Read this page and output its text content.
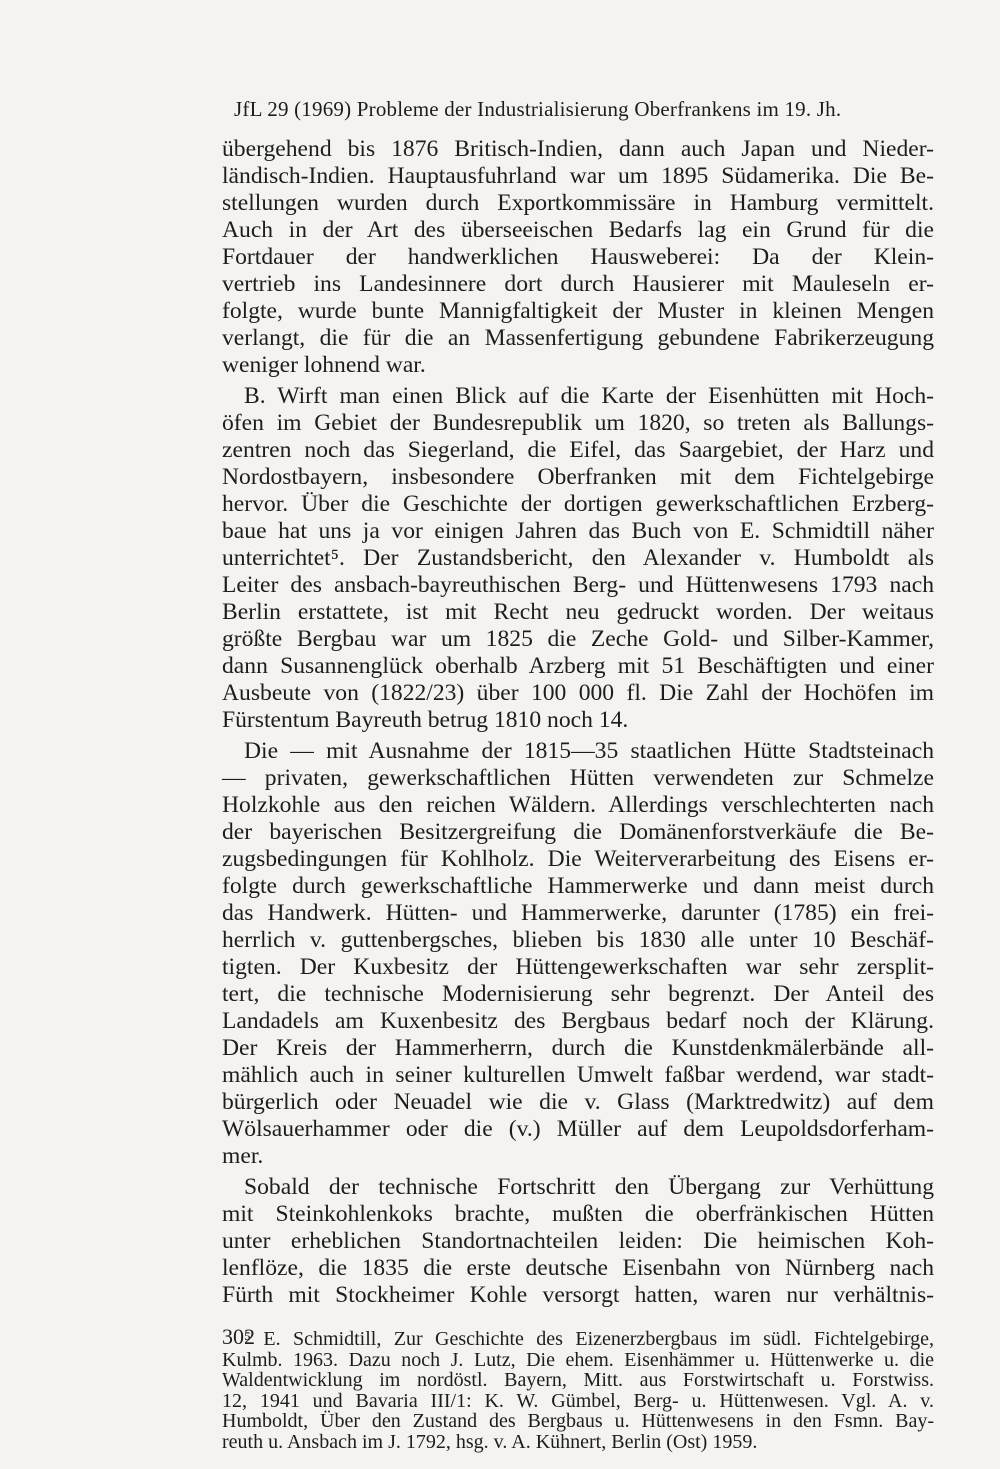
JfL 29 (1969) Probleme der Industrialisierung Oberfrankens im 19. Jh.
übergehend bis 1876 Britisch-Indien, dann auch Japan und Nieder-
ländisch-Indien. Hauptausfuhrland war um 1895 Südamerika. Die Be-
stellungen wurden durch Exportkommissäre in Hamburg vermittelt.
Auch in der Art des überseeischen Bedarfs lag ein Grund für die
Fortdauer der handwerklichen Hausweberei: Da der Klein-
vertrieb ins Landesinnere dort durch Hausierer mit Mauleseln er-
folgte, wurde bunte Mannigfaltigkeit der Muster in kleinen Mengen
verlangt, die für die an Massenfertigung gebundene Fabrikerzeugung
weniger lohnend war.
B. Wirft man einen Blick auf die Karte der Eisenhütten mit Hoch-
öfen im Gebiet der Bundesrepublik um 1820, so treten als Ballungs-
zentren noch das Siegerland, die Eifel, das Saargebiet, der Harz und
Nordostbayern, insbesondere Oberfranken mit dem Fichtelgebirge
hervor. Über die Geschichte der dortigen gewerkschaftlichen Erzberg-
baue hat uns ja vor einigen Jahren das Buch von E. Schmidtill näher
unterrichtet⁵. Der Zustandsbericht, den Alexander v. Humboldt als
Leiter des ansbach-bayreuthischen Berg- und Hüttenwesens 1793 nach
Berlin erstattete, ist mit Recht neu gedruckt worden. Der weitaus
größte Bergbau war um 1825 die Zeche Gold- und Silber-Kammer,
dann Susannenglück oberhalb Arzberg mit 51 Beschäftigten und einer
Ausbeute von (1822/23) über 100 000 fl. Die Zahl der Hochöfen im
Fürstentum Bayreuth betrug 1810 noch 14.
Die — mit Ausnahme der 1815—35 staatlichen Hütte Stadtsteinach
— privaten, gewerkschaftlichen Hütten verwendeten zur Schmelze
Holzkohle aus den reichen Wäldern. Allerdings verschlechterten nach
der bayerischen Besitzergreifung die Domänenforstverkäufe die Be-
zugsbedingungen für Kohlholz. Die Weiterverarbeitung des Eisens er-
folgte durch gewerkschaftliche Hammerwerke und dann meist durch
das Handwerk. Hütten- und Hammerwerke, darunter (1785) ein frei-
herrlich v. guttenbergsches, blieben bis 1830 alle unter 10 Beschäf-
tigten. Der Kuxbesitz der Hüttengewerkschaften war sehr zersplit-
tert, die technische Modernisierung sehr begrenzt. Der Anteil des
Landadels am Kuxenbesitz des Bergbaus bedarf noch der Klärung.
Der Kreis der Hammerherrn, durch die Kunstdenkmälerbände all-
mählich auch in seiner kulturellen Umwelt faßbar werdend, war stadt-
bürgerlich oder Neuadel wie die v. Glass (Marktredwitz) auf dem
Wölsauerhammer oder die (v.) Müller auf dem Leupoldsdorferham-
mer.
Sobald der technische Fortschritt den Übergang zur Verhüttung
mit Steinkohlenkoks brachte, mußten die oberfränkischen Hütten
unter erheblichen Standortnachteilen leiden: Die heimischen Koh-
lenflöze, die 1835 die erste deutsche Eisenbahn von Nürnberg nach
Fürth mit Stockheimer Kohle versorgt hatten, waren nur verhältnis-
⁵ E. Schmidtill, Zur Geschichte des Eizenerzbergbaus im südl. Fichtelgebirge,
Kulmb. 1963. Dazu noch J. Lutz, Die ehem. Eisenhämmer u. Hüttenwerke u. die
Waldentwicklung im nordöstl. Bayern, Mitt. aus Forstwirtschaft u. Forstwiss.
12, 1941 und Bavaria III/1: K. W. Gümbel, Berg- u. Hüttenwesen. Vgl. A. v.
Humboldt, Über den Zustand des Bergbaus u. Hüttenwesens in den Fsmn. Bay-
reuth u. Ansbach im J. 1792, hsg. v. A. Kühnert, Berlin (Ost) 1959.
302
